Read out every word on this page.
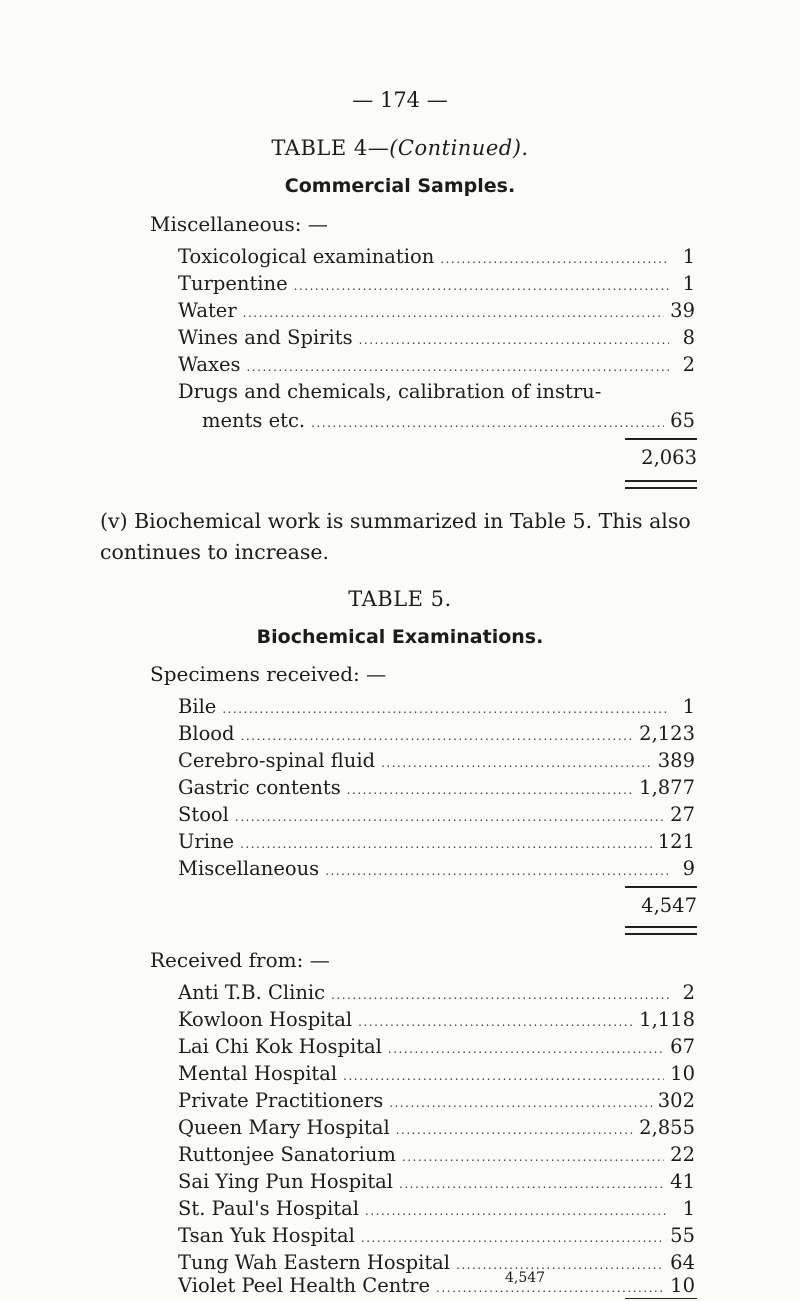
— 174 —
TABLE 4—(Continued).
Commercial Samples.
Miscellaneous: —
Toxicological examination .....	1
Turpentine .....	1
Water .....	39
Wines and Spirits .....	8
Waxes .....	2
Drugs and chemicals, calibration of instru-
ments etc. .....	65
2,063
(v) Biochemical work is summarized in Table 5. This also
continues to increase.
TABLE 5.
Biochemical Examinations.
Specimens received: —
Bile .....	1
Blood .....	2,123
Cerebro-spinal fluid .....	389
Gastric contents .....	1,877
Stool .....	27
Urine .....	121
Miscellaneous .....	9
4,547
Received from: —
Anti T.B. Clinic .....	2
Kowloon Hospital .....	1,118
Lai Chi Kok Hospital .....	67
Mental Hospital .....	10
Private Practitioners .....	302
Queen Mary Hospital .....	2,855
Ruttonjee Sanatorium .....	22
Sai Ying Pun Hospital .....	41
St. Paul's Hospital .....	1
Tsan Yuk Hospital .....	55
Tung Wah Eastern Hospital .....	64
Violet Peel Health Centre .....	10
4,547
